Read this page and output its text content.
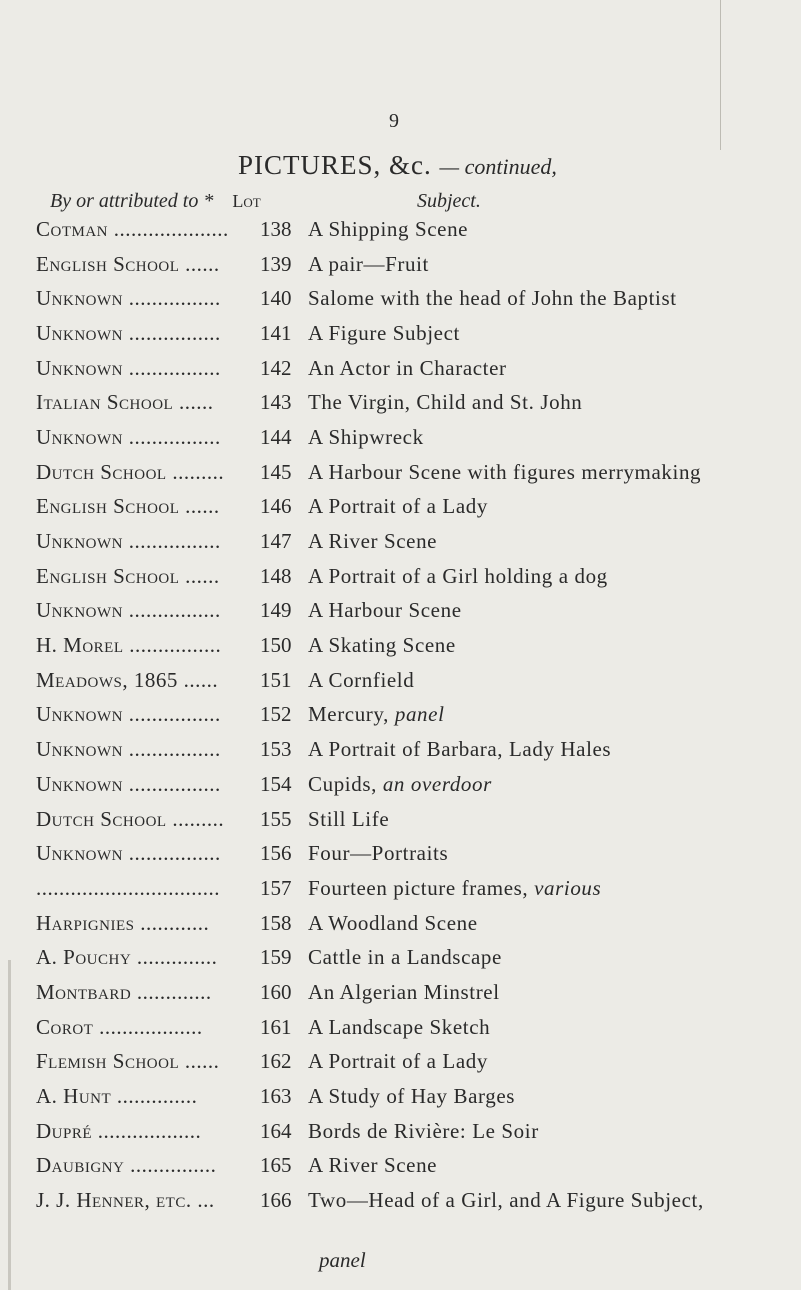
9
PICTURES, &c. — continued,
By or attributed to * Lot	Subject.
Cotman ....................	138 A Shipping Scene
English School ......	139 A pair—Fruit
Unknown ................	140 Salome with the head of John the Baptist
Unknown ................	141 A Figure Subject
Unknown ................	142 An Actor in Character
Italian School ......	143 The Virgin, Child and St. John
Unknown ................	144 A Shipwreck
Dutch School .........	145 A Harbour Scene with figures merrymaking
English School ......	146 A Portrait of a Lady
Unknown ................	147 A River Scene
English School ......	148 A Portrait of a Girl holding a dog
Unknown ................	149 A Harbour Scene
H. Morel ................	150 A Skating Scene
Meadows, 1865 ......	151 A Cornfield
Unknown ................	152 Mercury, panel
Unknown ................	153 A Portrait of Barbara, Lady Hales
Unknown ................	154 Cupids, an overdoor
Dutch School .........	155 Still Life
Unknown ................	156 Four—Portraits
................................	157 Fourteen picture frames, various
Harpignies ............	158 A Woodland Scene
A. Pouchy ..............	159 Cattle in a Landscape
Montbard .............	160 An Algerian Minstrel
Corot ..................	161 A Landscape Sketch
Flemish School ......	162 A Portrait of a Lady
A. Hunt ..............	163 A Study of Hay Barges
Dupré ..................	164 Bords de Rivière: Le Soir
Daubigny ...............	165 A River Scene
J. J. Henner, etc. ...	166 Two—Head of a Girl, and A Figure Subject,
panel
